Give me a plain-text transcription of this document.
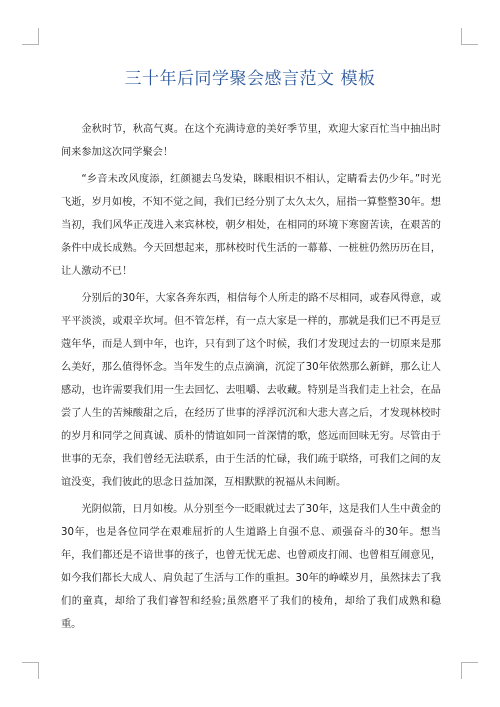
三十年后同学聚会感言范文 模板

金秋时节，秋高气爽。在这个充满诗意的美好季节里，欢迎大家百忙当中抽出时间来参加这次同学聚会！

“乡音未改风度添，红颜褪去乌发染，眯眼相识不相认，定睛看去仍少年。”时光飞逝，岁月如梭，不知不觉之间，我们已经分别了太久太久，屈指一算整整30年。想当初，我们风华正茂进入来宾林校，朝夕相处，在相同的环境下寒窗苦读，在艰苦的条件中成长成熟。今天回想起来，那林校时代生活的一幕幕、一桩桩仍然历历在目，让人激动不已！

分别后的30年，大家各奔东西，相信每个人所走的路不尽相同，或春风得意，或平平淡淡，或艰辛坎坷。但不管怎样，有一点大家是一样的，那就是我们已不再是豆蔻年华，而是人到中年，也许，只有到了这个时候，我们才发现过去的一切原来是那么美好，那么值得怀念。当年发生的点点滴滴，沉淀了30年依然那么新鲜，那么让人感动，也许需要我们用一生去回忆、去咀嚼、去收藏。特别是当我们走上社会，在品尝了人生的苦辣酸甜之后，在经历了世事的浮浮沉沉和大悲大喜之后，才发现林校时的岁月和同学之间真诚、质朴的情谊如同一首深情的歌，悠远而回味无穷。尽管由于世事的无奈，我们曾经无法联系，由于生活的忙碌，我们疏于联络，可我们之间的友谊没变，我们彼此的思念日益加深，互相默默的祝福从未间断。

光阴似箭，日月如梭。从分别至今一眨眼就过去了30年，这是我们人生中黄金的30年，也是各位同学在艰难屈折的人生道路上自强不息、顽强奋斗的30年。想当年，我们都还是不谙世事的孩子，也曾无忧无虑、也曾顽皮打闹、也曾相互闹意见，如今我们都长大成人、肩负起了生活与工作的重担。30年的峥嵘岁月，虽然抹去了我们的童真，却给了我们睿智和经验;虽然磨平了我们的棱角，却给了我们成熟和稳重。
